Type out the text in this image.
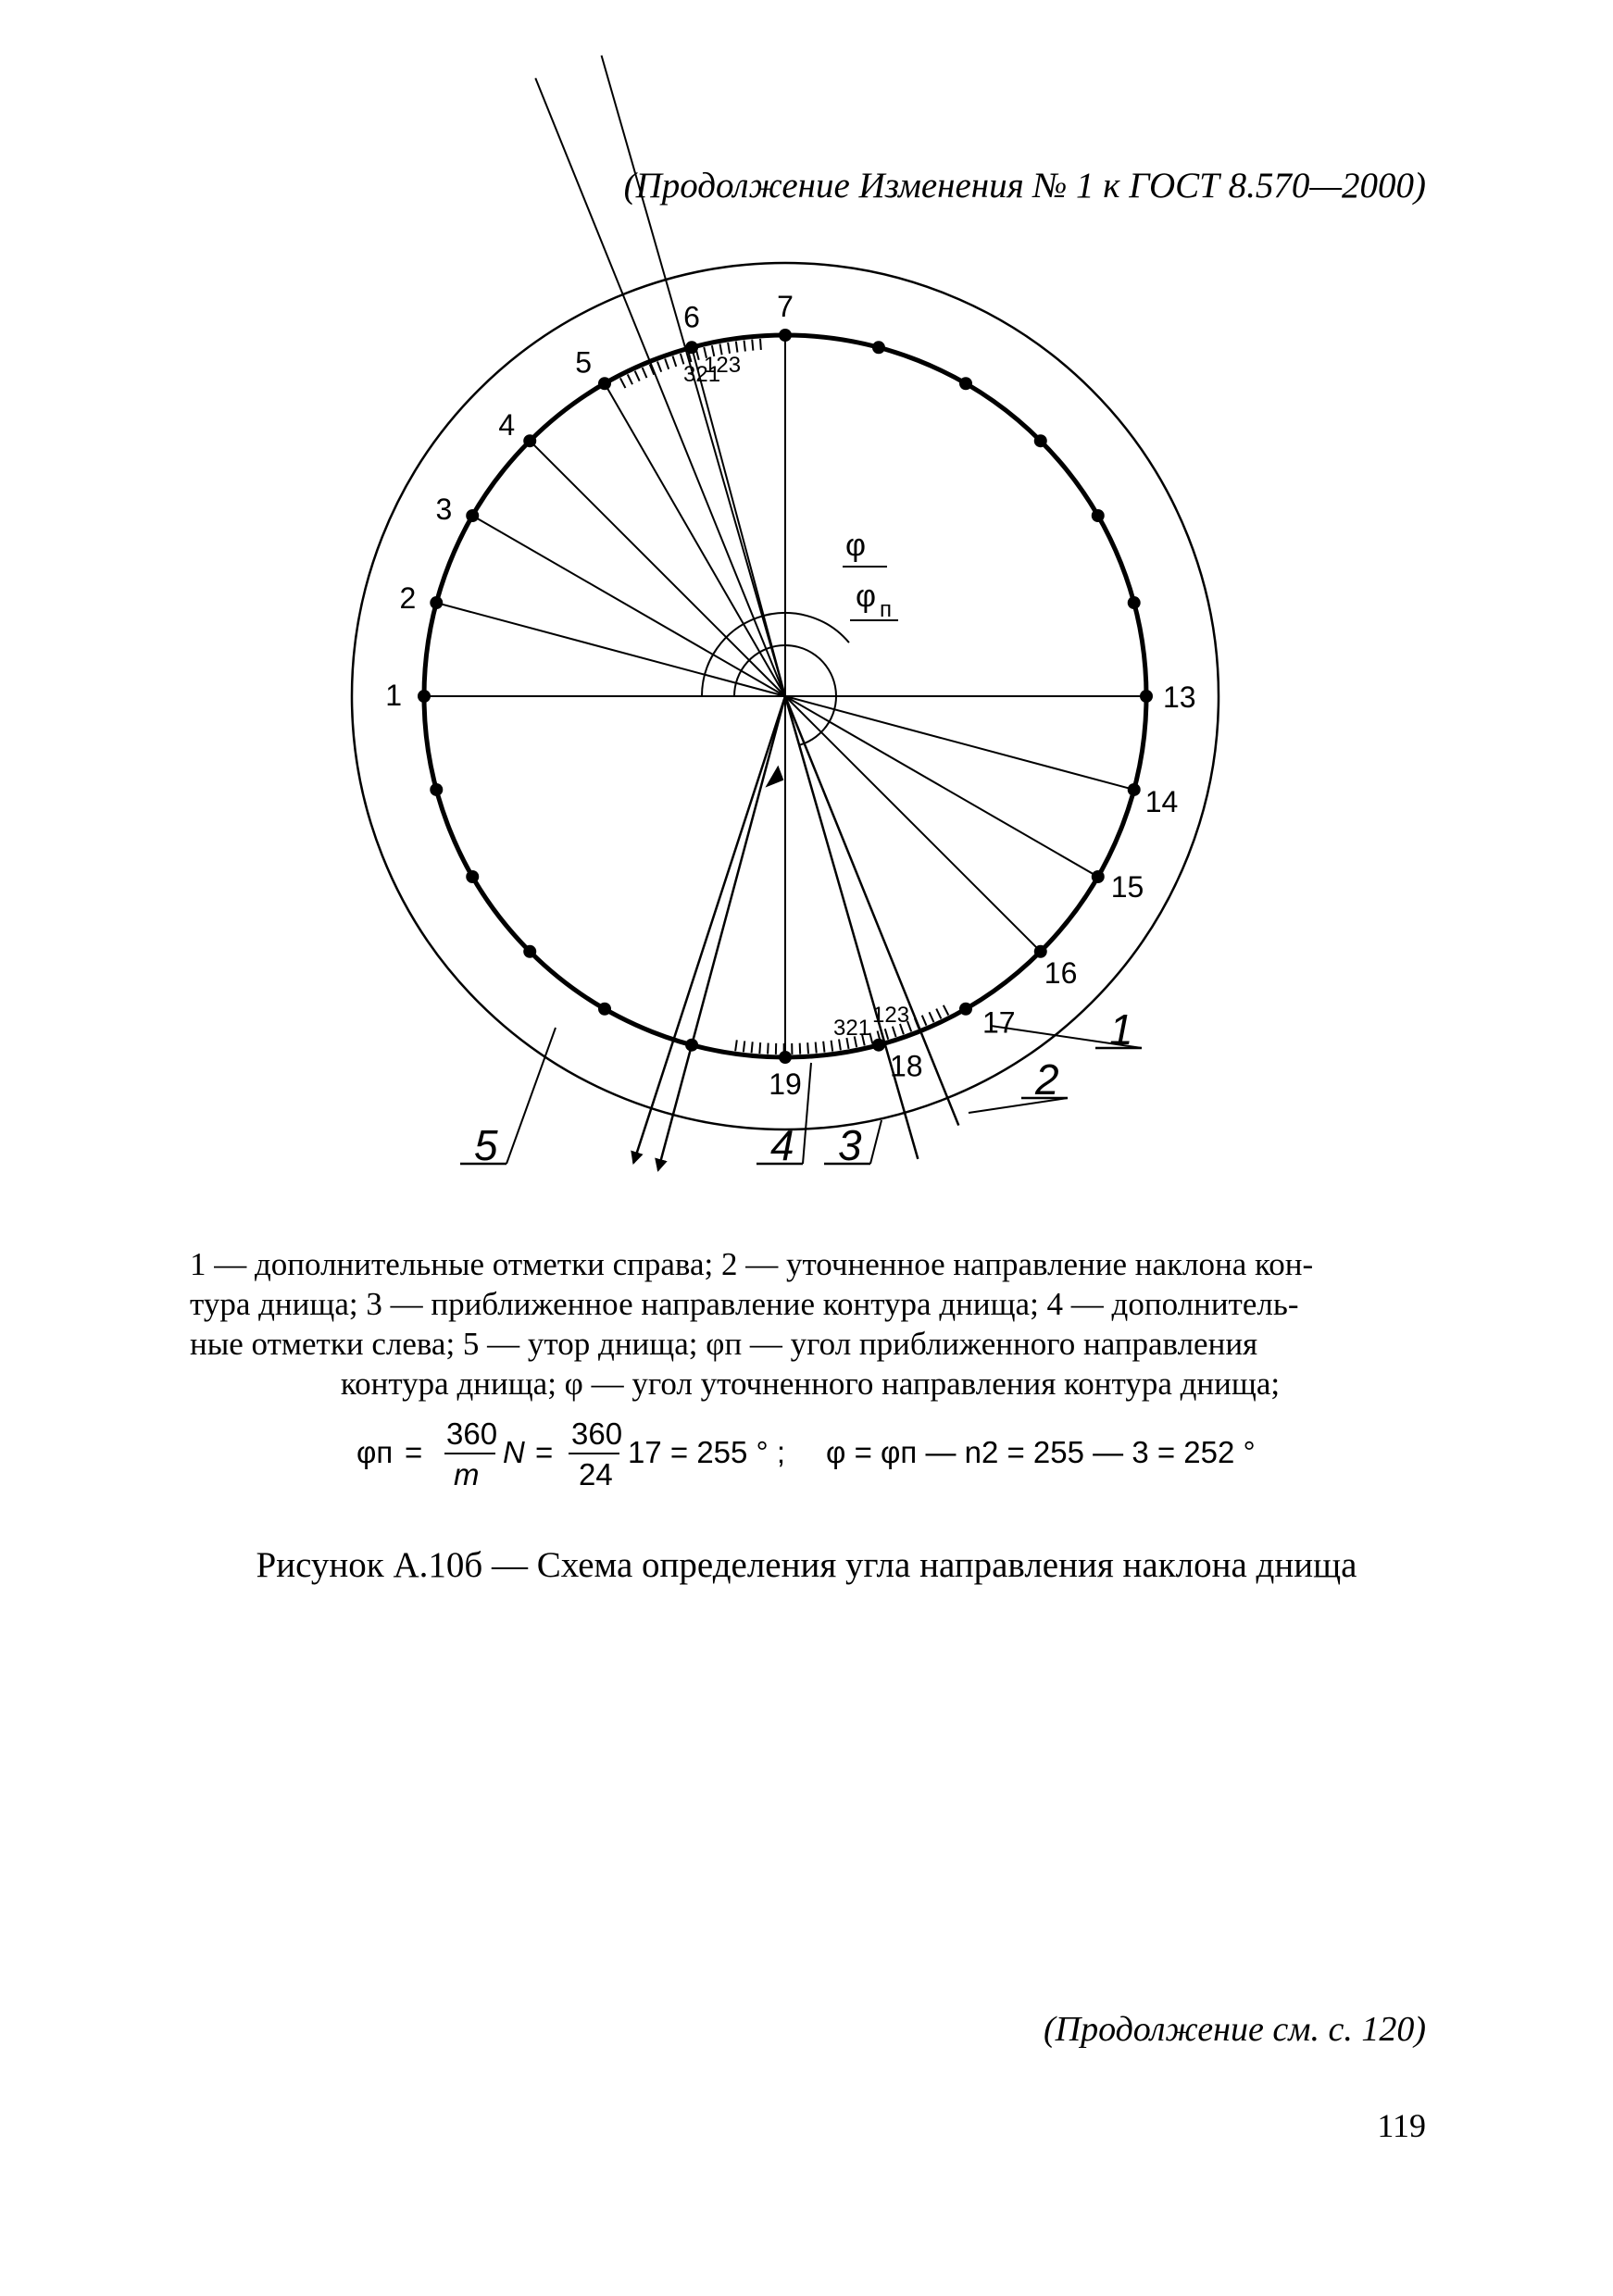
(Продолжение Изменения № 1 к ГОСТ 8.570—2000)
13
7
6
5
4
3
2
1
19
18
17
16
15
14
321
123
321
123
φ
φ п
1
2
3
4
5
1 — дополнительные отметки справа; 2 — уточненное направление наклона кон-
тура днища; 3 — приближенное направление контура днища; 4 — дополнитель-
ные отметки слева; 5 — утор днища; φп — угол приближенного направления
контура днища; φ — угол уточненного направления контура днища;
φп =
360
m
N =
360
24
17 = 255 ° ; φ = φп — n2 = 255 — 3 = 252 °
Рисунок А.10б — Схема определения угла направления наклона днища
(Продолжение см. с. 120)
119
